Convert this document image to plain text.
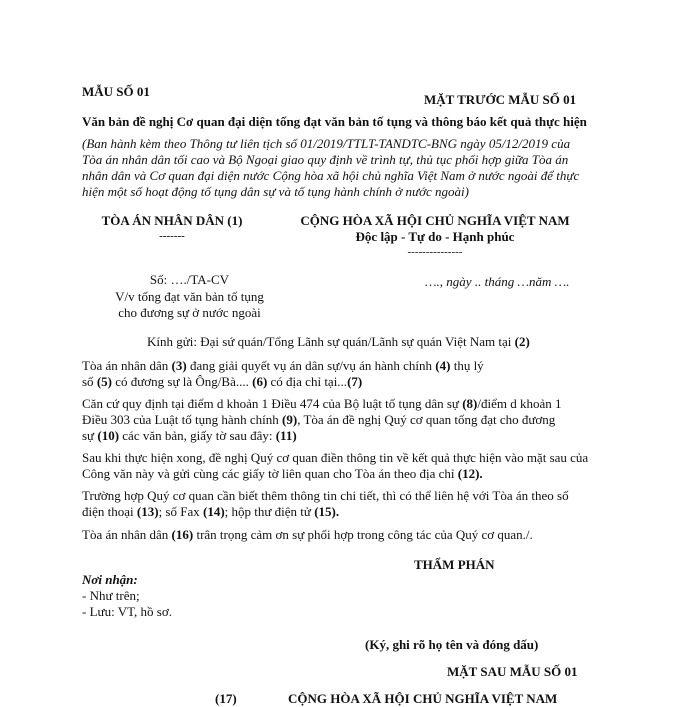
MẪU SỐ 01
MẶT TRƯỚC MẪU SỐ 01
Văn bản đề nghị Cơ quan đại diện tống đạt văn bản tố tụng và thông báo kết quả thực hiện
(Ban hành kèm theo Thông tư liên tịch số 01/2019/TTLT-TANDTC-BNG ngày 05/12/2019 của
Tòa án nhân dân tối cao và Bộ Ngoại giao quy định về trình tự, thủ tục phối hợp giữa Tòa án
nhân dân và Cơ quan đại diện nước Cộng hòa xã hội chủ nghĩa Việt Nam ở nước ngoài để thực
hiện một số hoạt động tố tụng dân sự và tố tụng hành chính ở nước ngoài)
TÒA ÁN NHÂN DÂN (1)
-------
CỘNG HÒA XÃ HỘI CHỦ NGHĨA VIỆT NAM
Độc lập - Tự do - Hạnh phúc
---------------
Số: …./TA-CV
V/v tống đạt văn bản tố tụng
cho đương sự ở nước ngoài
…., ngày .. tháng …năm ….
Kính gửi: Đại sứ quán/Tổng Lãnh sự quán/Lãnh sự quán Việt Nam tại (2)
Tòa án nhân dân (3) đang giải quyết vụ án dân sự/vụ án hành chính (4) thụ lý
số (5) có đương sự là Ông/Bà.... (6) có địa chỉ tại...(7)
Căn cứ quy định tại điểm d khoản 1 Điều 474 của Bộ luật tố tụng dân sự (8)/điểm d khoản 1
Điều 303 của Luật tố tụng hành chính (9), Tòa án đề nghị Quý cơ quan tống đạt cho đương
sự (10) các văn bản, giấy tờ sau đây: (11)
Sau khi thực hiện xong, đề nghị Quý cơ quan điền thông tin về kết quả thực hiện vào mặt sau của
Công văn này và gửi cùng các giấy tờ liên quan cho Tòa án theo địa chỉ (12).
Trường hợp Quý cơ quan cần biết thêm thông tin chi tiết, thì có thể liên hệ với Tòa án theo số
điện thoại (13); số Fax (14); hộp thư điện tử (15).
Tòa án nhân dân (16) trân trọng cảm ơn sự phối hợp trong công tác của Quý cơ quan./.
THẨM PHÁN
Nơi nhận:
- Như trên;
- Lưu: VT, hồ sơ.
(Ký, ghi rõ họ tên và đóng dấu)
MẶT SAU MẪU SỐ 01
(17)	CỘNG HÒA XÃ HỘI CHỦ NGHĨA VIỆT NAM
